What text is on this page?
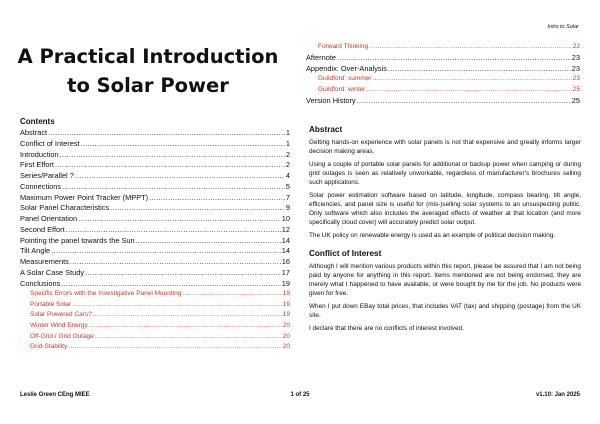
Intro to Solar
A Practical Introduction
to Solar Power
Contents
Abstract .....	1
Conflict of Interest .....	1
Introduction .....	2
First Effort .....	2
Series/Parallel ? .....	4
Connections .....	5
Maximum Power Point Tracker (MPPT) .....	7
Solar Panel Characteristics .....	9
Panel Orientation .....	10
Second Effort .....	12
Pointing the panel towards the Sun .....	14
Tilt Angle .....	14
Measurements .....	16
A Solar Case Study .....	17
Conclusions .....	19
Specific Errors with the Investigative Panel Mounting .....	19
Portable Solar .....	19
Solar Powered Cars? .....	19
Winter Wind Energy .....	20
Off-Grid / Grid Outage .....	20
Grid-Stability .....	20
Forward Thinking .....	22
Afternote .....	23
Appendix: Over-Analysis .....	23
Guildford: summer .....	23
Guildford: winter .....	25
Version History .....	25
Abstract

Getting hands-on experience with solar panels is not that expensive and greatly informs larger decision making areas.

Using a couple of portable solar panels for additional or backup power when camping or during grid outages is seen as relatively unworkable, regardless of manufacturer's brochures selling such applications.

Solar power estimation software based on latitude, longitude, compass bearing, tilt angle, efficiencies, and panel size is useful for (mis-)selling solar systems to an unsuspecting public. Only software which also includes the averaged effects of weather at that location (and more specifically cloud cover) will accurately predict solar output.

The UK policy on renewable energy is used as an example of political decision making.

Conflict of Interest

Although I will mention various products within this report, please be assured that I am not being paid by anyone for anything in this report. Items mentioned are not being endorsed, they are merely what I happened to have available, or were bought by me for the job. No products were given for free.

When I put down EBay total prices, that includes VAT (tax) and shipping (postage) from the UK site.

I declare that there are no conflicts of interest involved.

Leslie Green CEng MIEE	1 of 25	v1.10: Jan 2025
